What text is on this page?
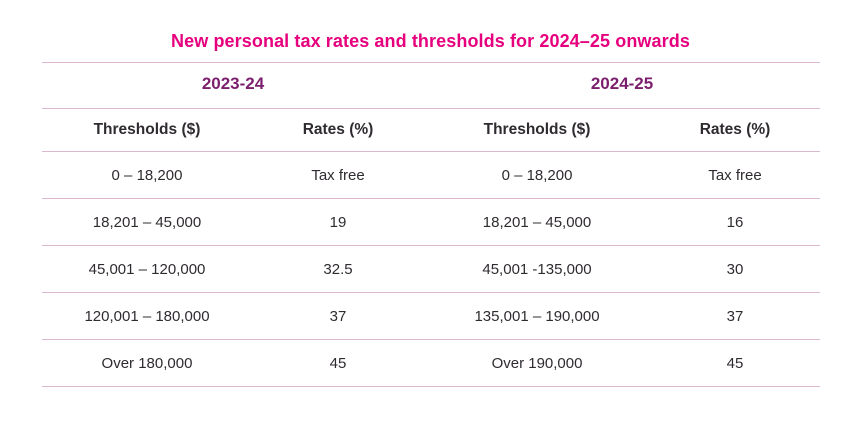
New personal tax rates and thresholds for 2024–25 onwards
2023-24		2024-25	
Thresholds ($)	Rates (%)	Thresholds ($)	Rates (%)
0 – 18,200	Tax free	0 – 18,200	Tax free
18,201 – 45,000	19	18,201 – 45,000	16
45,001 – 120,000	32.5	45,001 -135,000	30
120,001 – 180,000	37	135,001 – 190,000	37
Over 180,000	45	Over 190,000	45
